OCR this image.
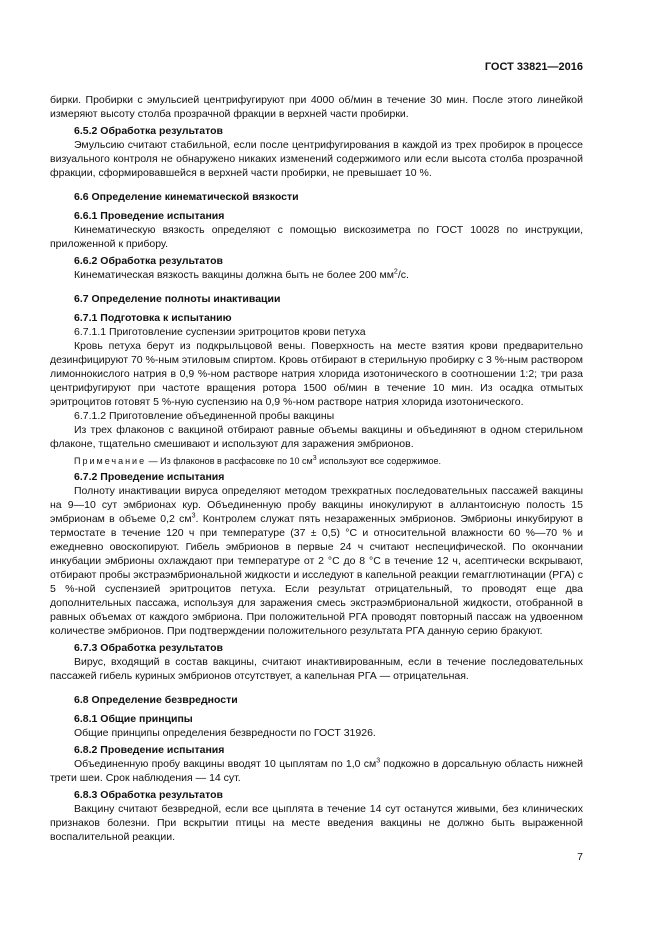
ГОСТ 33821—2016

бирки. Пробирки с эмульсией центрифугируют при 4000 об/мин в течение 30 мин. После этого линейкой измеряют высоту столба прозрачной фракции в верхней части пробирки.

6.5.2 Обработка результатов

Эмульсию считают стабильной, если после центрифугирования в каждой из трех пробирок в процессе визуального контроля не обнаружено никаких изменений содержимого или если высота столба прозрачной фракции, сформировавшейся в верхней части пробирки, не превышает 10 %.

6.6 Определение кинематической вязкости
6.6.1 Проведение испытания

Кинематическую вязкость определяют с помощью вискозиметра по ГОСТ 10028 по инструкции, приложенной к прибору.

6.6.2 Обработка результатов

Кинематическая вязкость вакцины должна быть не более 200 $мм^2/с$.

6.7 Определение полноты инактивации
6.7.1 Подготовка к испытанию

6.7.1.1 Приготовление суспензии эритроцитов крови петуха

Кровь петуха берут из подкрыльцовой вены. Поверхность на месте взятия крови предварительно дезинфицируют 70 %-ным этиловым спиртом. Кровь отбирают в стерильную пробирку с 3 %-ным раствором лимоннокислого натрия в 0,9 %-ном растворе натрия хлорида изотонического в соотношении 1:2; три раза центрифугируют при частоте вращения ротора 1500 об/мин в течение 10 мин. Из осадка отмытых эритроцитов готовят 5 %-ную суспензию на 0,9 %-ном растворе натрия хлорида изотонического.

6.7.1.2 Приготовление объединенной пробы вакцины

Из трех флаконов с вакциной отбирают равные объемы вакцины и объединяют в одном стерильном флаконе, тщательно смешивают и используют для заражения эмбрионов.

Примечание — Из флаконов в расфасовке по 10 $см^3$ используют все содержимое.

6.7.2 Проведение испытания

Полноту инактивации вируса определяют методом трехкратных последовательных пассажей вакцины на 9—10 сут эмбрионах кур. Объединенную пробу вакцины инокулируют в аллантоисную полость 15 эмбрионам в объеме 0,2 $см^3$. Контролем служат пять незараженных эмбрионов. Эмбрионы инкубируют в термостате в течение 120 ч при температуре (37 ± 0,5) °С и относительной влажности 60 %—70 % и ежедневно овоскопируют. Гибель эмбрионов в первые 24 ч считают неспецифической. По окончании инкубации эмбрионы охлаждают при температуре от 2 °С до 8 °С в течение 12 ч, асептически вскрывают, отбирают пробы экстраэмбриональной жидкости и исследуют в капельной реакции гемагглютинации (РГА) с 5 %-ной суспензией эритроцитов петуха. Если результат отрицательный, то проводят еще два дополнительных пассажа, используя для заражения смесь экстраэмбриональной жидкости, отобранной в равных объемах от каждого эмбриона. При положительной РГА проводят повторный пассаж на удвоенном количестве эмбрионов. При подтверждении положительного результата РГА данную серию бракуют.

6.7.3 Обработка результатов

Вирус, входящий в состав вакцины, считают инактивированным, если в течение последовательных пассажей гибель куриных эмбрионов отсутствует, а капельная РГА — отрицательная.

6.8 Определение безвредности
6.8.1 Общие принципы

Общие принципы определения безвредности по ГОСТ 31926.

6.8.2 Проведение испытания

Объединенную пробу вакцины вводят 10 цыплятам по 1,0 $см^3$ подкожно в дорсальную область нижней трети шеи. Срок наблюдения — 14 сут.

6.8.3 Обработка результатов

Вакцину считают безвредной, если все цыплята в течение 14 сут останутся живыми, без клинических признаков болезни. При вскрытии птицы на месте введения вакцины не должно быть выраженной воспалительной реакции.

7
